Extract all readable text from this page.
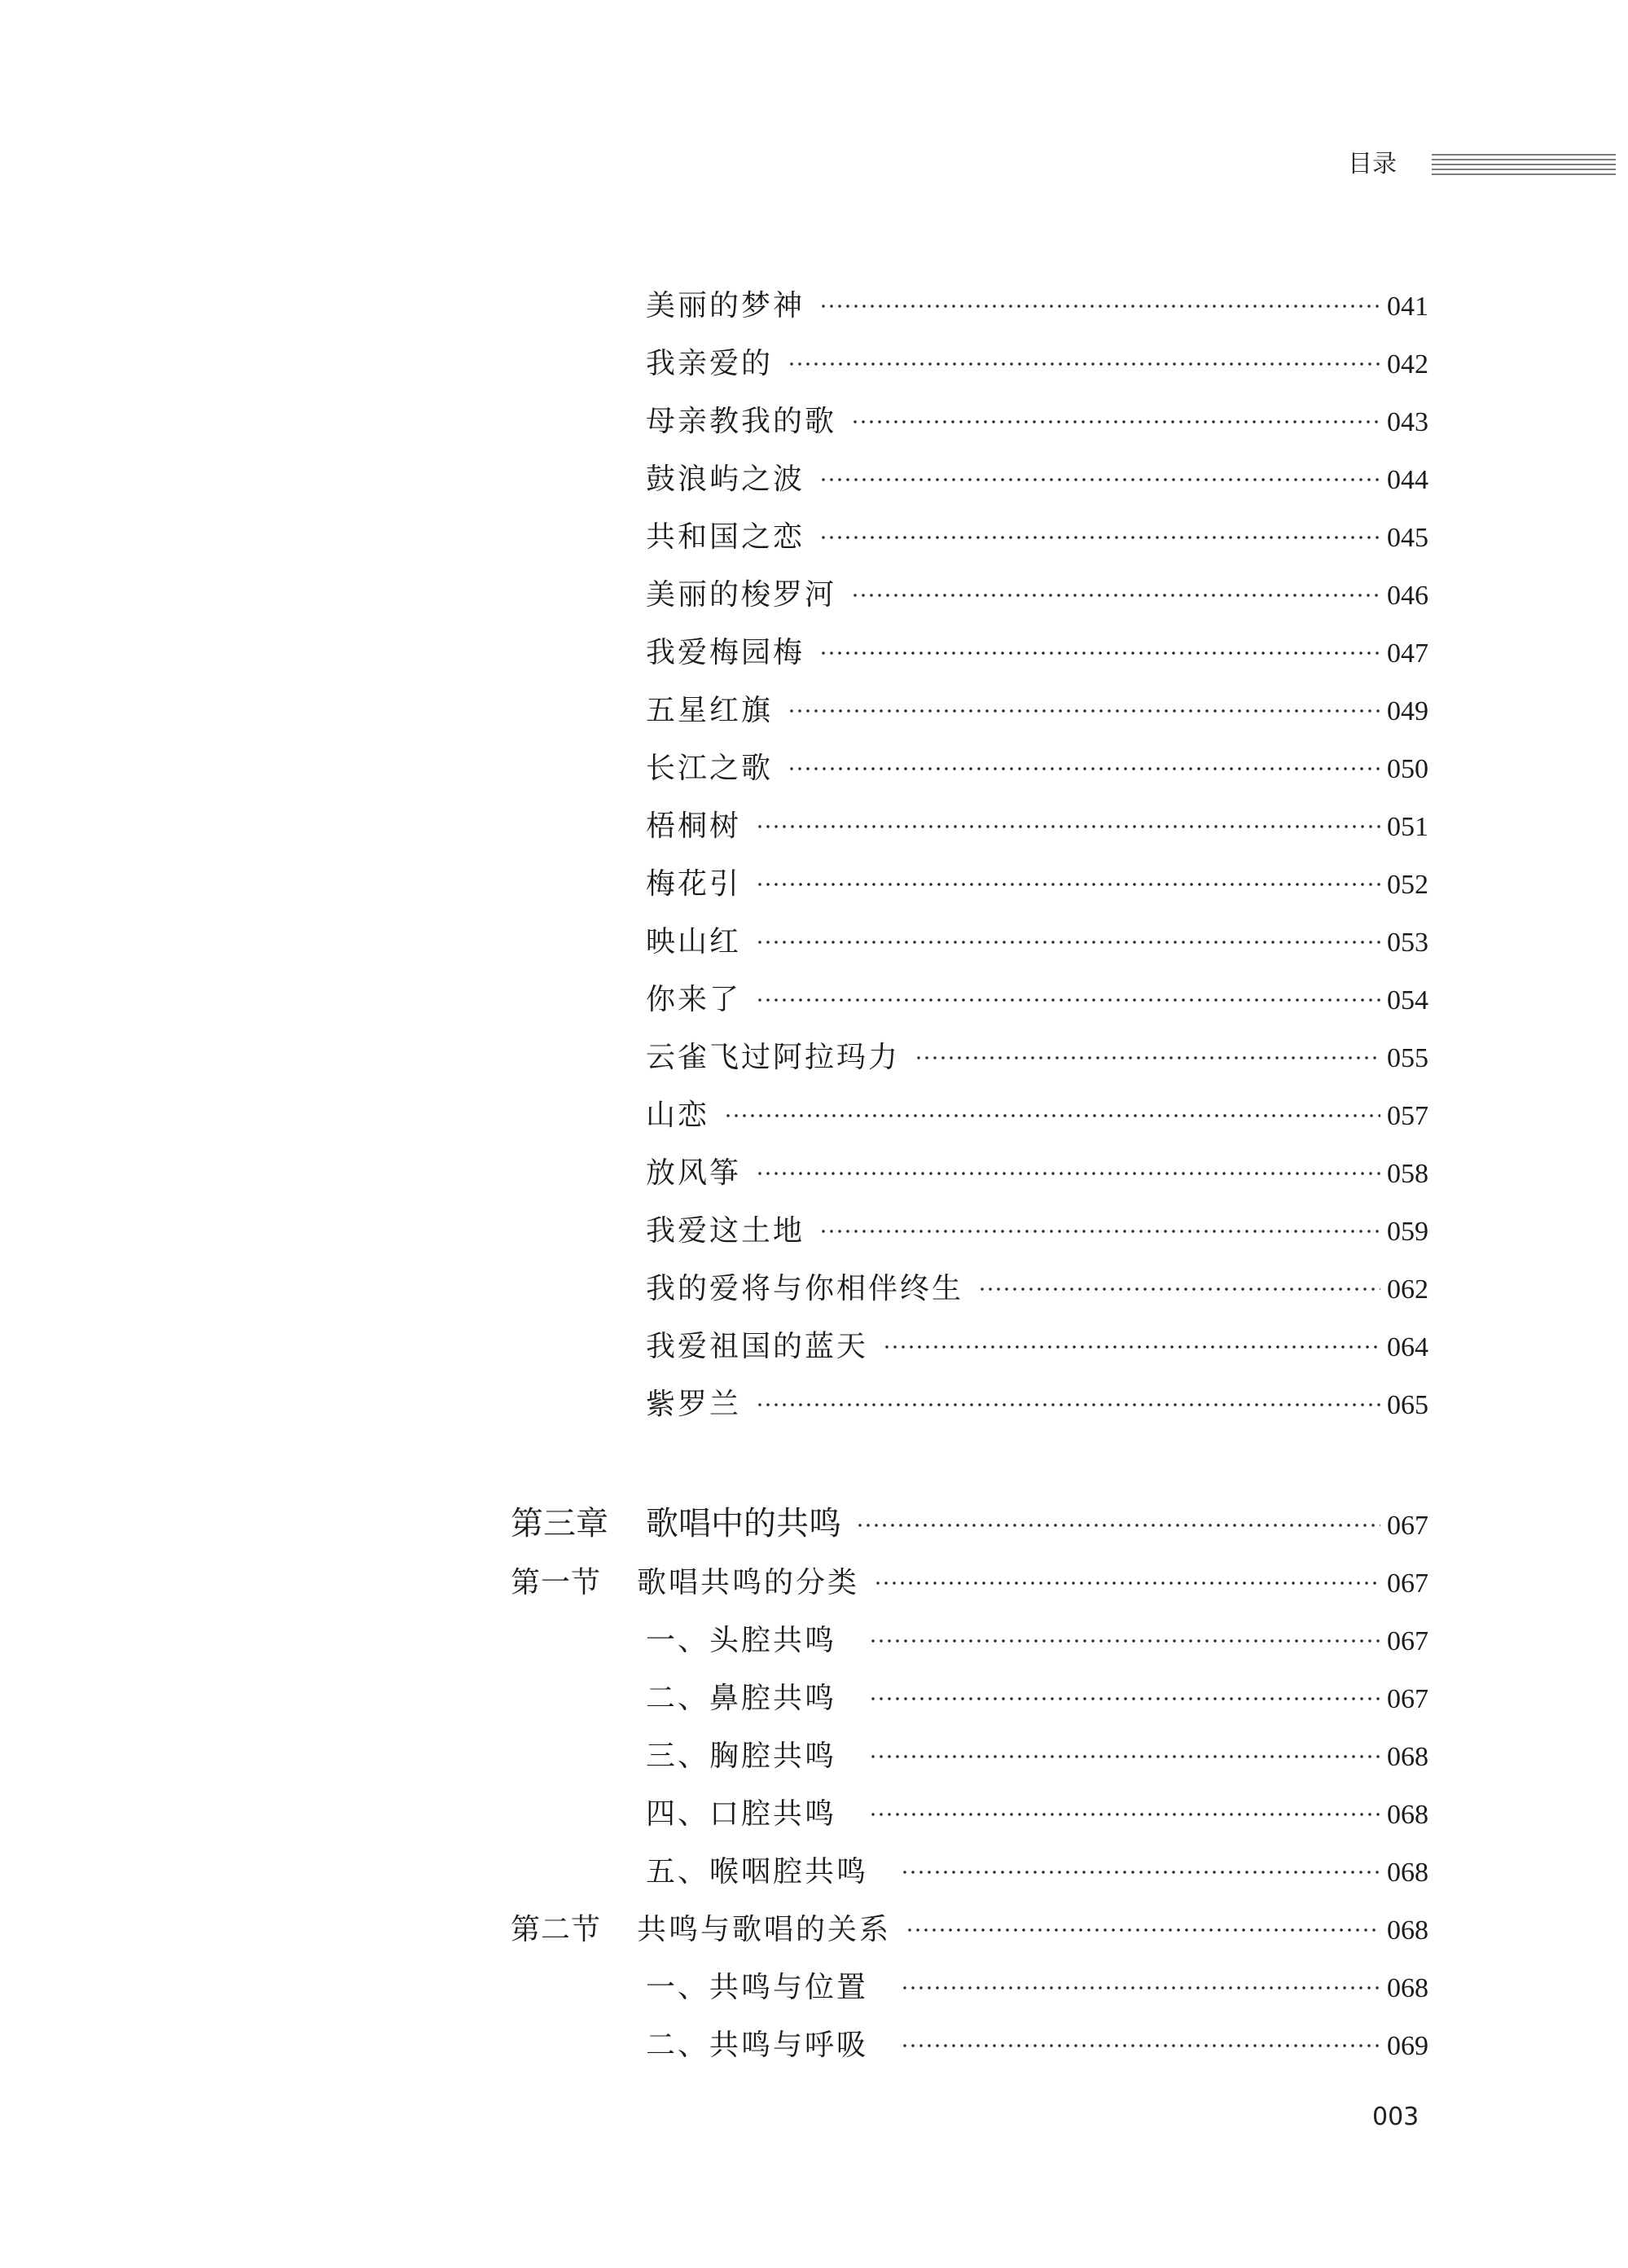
目录
美丽的梦神	041
我亲爱的	042
母亲教我的歌	043
鼓浪屿之波	044
共和国之恋	045
美丽的梭罗河	046
我爱梅园梅	047
五星红旗	049
长江之歌	050
梧桐树	051
梅花引	052
映山红	053
你来了	054
云雀飞过阿拉玛力	055
山恋	057
放风筝	058
我爱这土地	059
我的爱将与你相伴终生	062
我爱祖国的蓝天	064
紫罗兰	065
第三章 歌唱中的共鸣	067
第一节 歌唱共鸣的分类	067
一、头腔共鸣	067
二、鼻腔共鸣	067
三、胸腔共鸣	068
四、口腔共鸣	068
五、喉咽腔共鸣	068
第二节 共鸣与歌唱的关系	068
一、共鸣与位置	068
二、共鸣与呼吸	069
003
